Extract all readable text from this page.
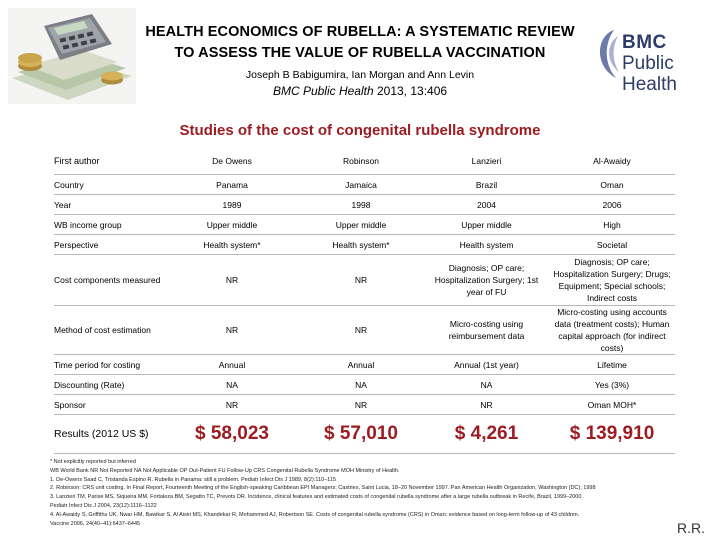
HEALTH ECONOMICS OF RUBELLA: A SYSTEMATIC REVIEW
TO ASSESS THE VALUE OF RUBELLA VACCINATION
Joseph B Babigumira, Ian Morgan and Ann Levin
BMC Public Health 2013, 13:406
BMC
Public Health
Studies of the cost of congenital rubella syndrome
First author	De Owens	Robinson	Lanzieri	Al-Awaidy
Country	Panama	Jamaica	Brazil	Oman
Year	1989	1998	2004	2006
WB income group	Upper middle	Upper middle	Upper middle	High
Perspective	Health system*	Health system*	Health system	Societal
Cost components measured	NR	NR	Diagnosis; OP care; Hospitalization Surgery; 1st year of FU	Diagnosis; OP care; Hospitalization Surgery; Drugs; Equipment; Special schools; Indirect costs
Method of cost estimation	NR	NR	Micro-costing using reimbursement data	Micro-costing using accounts data (treatment costs); Human capital approach (for indirect costs)
Time period for costing	Annual	Annual	Annual (1st year)	Lifetime
Discounting (Rate)	NA	NA	NA	Yes (3%)
Sponsor	NR	NR	NR	Oman MOH*
Results (2012 US $)	$ 58,023	$ 57,010	$ 4,261	$ 139,910
* Not explicitly reported but inferred
WB World Bank NR Not Reported NA Not Applicable OP Out-Patient FU Follow-Up CRS Congenital Rubella Syndrome MOH Ministry of Health.
1. De-Owens Saad C, Tristanda Espino R. Rubella in Panama: still a problem. Pediatr Infect Dis J 1989, 8(2):110–115
2. Robinson: CRS unit costing. In Final Report, Fourteenth Meeting of the English-speaking Caribbean EPI Managers; Castries, Saint Lucia, 18–20 November 1997. Pan American Health Organization, Washington (DC); 1998
3. Lanzieri TM, Parise MS, Siqueira MM, Fortaleza BM, Segatto TC, Prevots DR. Incidence, clinical features and estimated costs of congenital rubella syndrome after a large rubella outbreak in Recife, Brazil, 1999–2000.
Pediatr Infect Dis J 2004, 23(12):1116–1122
4. Al-Awaidy S, Griffiths UK, Nwar HM, Bawikar S, Al Aisiri MS, Khandekar R, Mohammed AJ, Robertson SE. Costs of congenital rubella syndrome (CRS) in Oman: evidence based on long-term follow-up of 43 children.
Vaccine 2006, 24(40–41):6437–6445	R.R.
